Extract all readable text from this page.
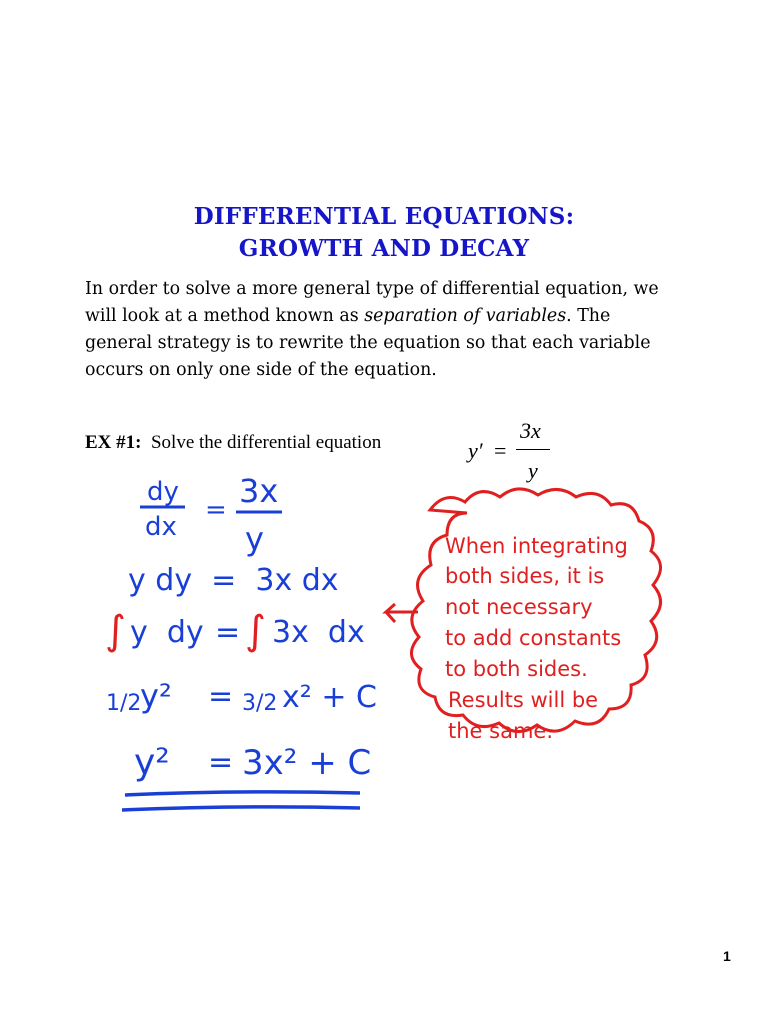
DIFFERENTIAL EQUATIONS:
GROWTH AND DECAY
In order to solve a more general type of differential equation, we will look at a method known as separation of variables. The general strategy is to rewrite the equation so that each variable occurs on only one side of the equation.
EX #1: Solve the differential equation	y′ =
3x
y
dy
dx
= 3x
y
y dy  =  3x dx
∫ y  dy = ∫ 3x  dx
1/2
y² = 3/2 x² + C
y² = 3x² + C
When integrating
both sides, it is
not necessary
to add constants
to both sides.
Results will be
the same.
1
